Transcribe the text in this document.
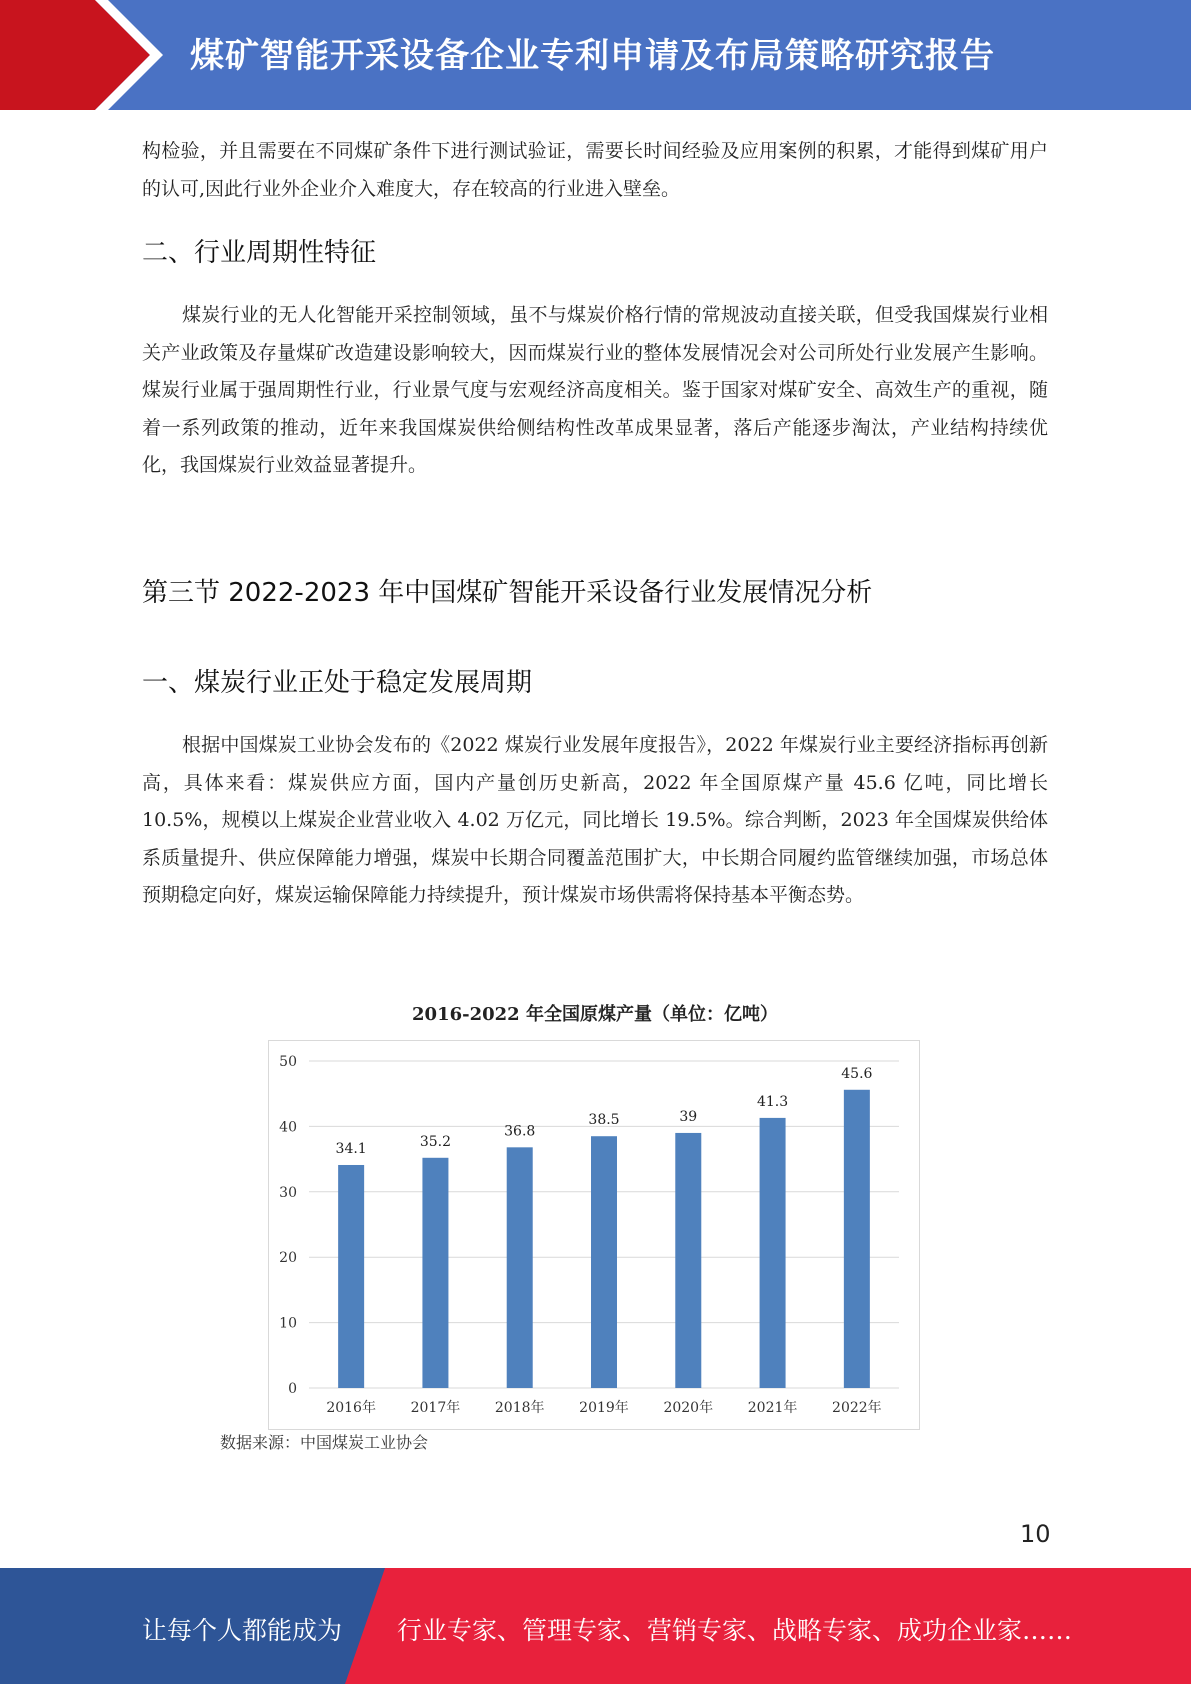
煤矿智能开采设备企业专利申请及布局策略研究报告

构检验，并且需要在不同煤矿条件下进行测试验证，需要长时间经验及应用案例的积累，才能得到煤矿用户的认可,因此行业外企业介入难度大，存在较高的行业进入壁垒。

二、行业周期性特征

煤炭行业的无人化智能开采控制领域，虽不与煤炭价格行情的常规波动直接关联，但受我国煤炭行业相关产业政策及存量煤矿改造建设影响较大，因而煤炭行业的整体发展情况会对公司所处行业发展产生影响。煤炭行业属于强周期性行业，行业景气度与宏观经济高度相关。鉴于国家对煤矿安全、高效生产的重视，随着一系列政策的推动，近年来我国煤炭供给侧结构性改革成果显著，落后产能逐步淘汰，产业结构持续优化，我国煤炭行业效益显著提升。

第三节 2022-2023 年中国煤矿智能开采设备行业发展情况分析
一、煤炭行业正处于稳定发展周期

根据中国煤炭工业协会发布的《2022 煤炭行业发展年度报告》，2022 年煤炭行业主要经济指标再创新高，具体来看：煤炭供应方面，国内产量创历史新高，2022 年全国原煤产量 45.6 亿吨，同比增长 10.5%，规模以上煤炭企业营业收入 4.02 万亿元，同比增长 19.5%。综合判断，2023 年全国煤炭供给体系质量提升、供应保障能力增强，煤炭中长期合同覆盖范围扩大，中长期合同履约监管继续加强，市场总体预期稳定向好，煤炭运输保障能力持续提升，预计煤炭市场供需将保持基本平衡态势。

2016-2022 年全国原煤产量（单位：亿吨）
0
10
20
30
40
50
34.1
2016年
35.2
2017年
36.8
2018年
38.5
2019年
39
2020年
41.3
2021年
45.6
2022年
数据来源：中国煤炭工业协会
10
让每个人都能成为 行业专家、管理专家、营销专家、战略专家、成功企业家……
